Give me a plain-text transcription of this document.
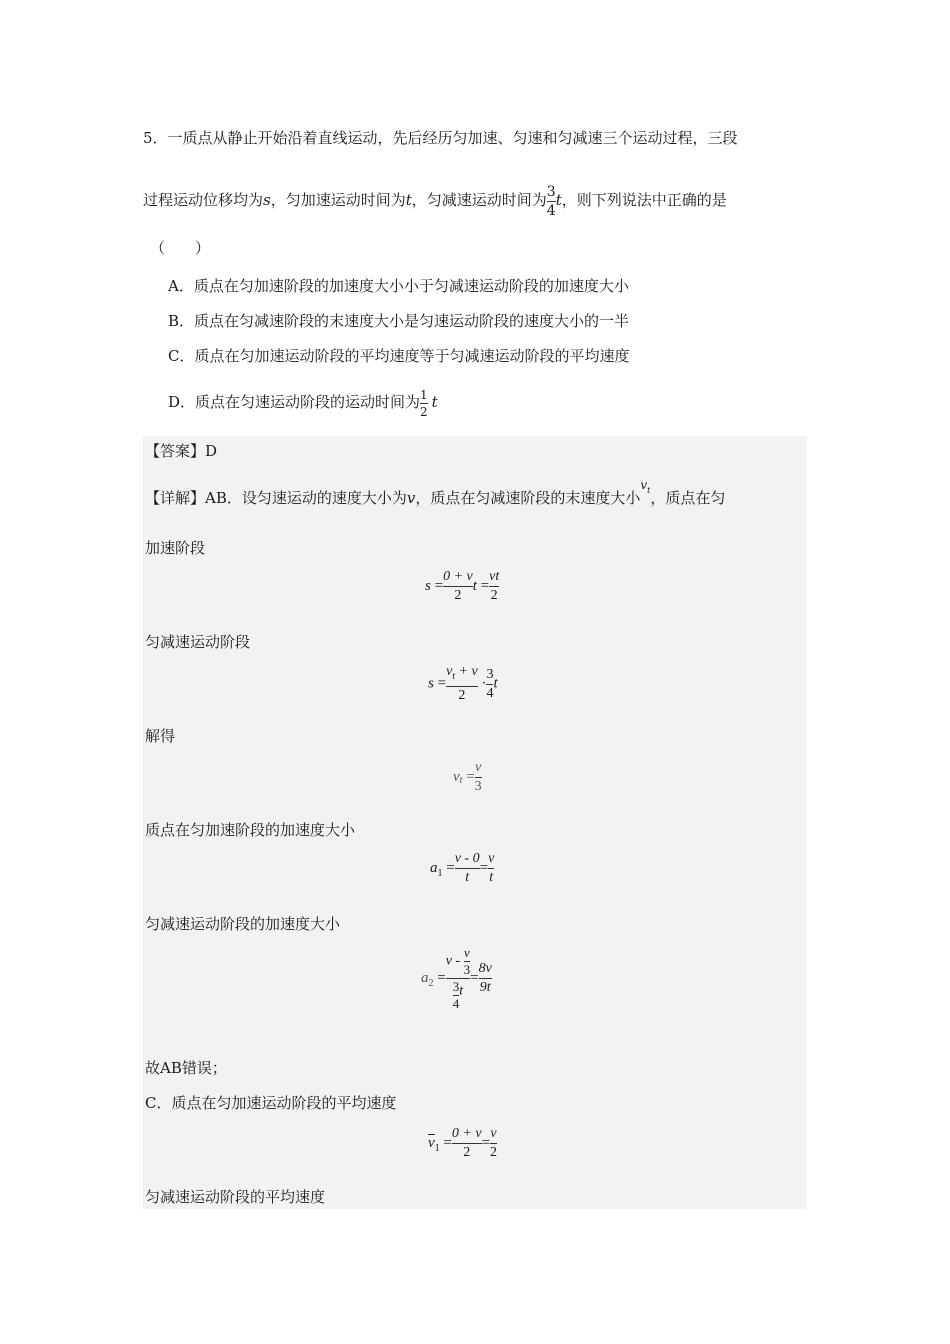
5．一质点从静止开始沿着直线运动，先后经历匀加速、匀速和匀减速三个运动过程，三段
过程运动位移均为s，匀加速运动时间为t，匀减速运动时间为 $\frac{3}{4}$ t，则下列说法中正确的是
（　　）
A．质点在匀加速阶段的加速度大小小于匀减速运动阶段的加速度大小
B．质点在匀减速阶段的末速度大小是匀速运动阶段的速度大小的一半
C．质点在匀加速运动阶段的平均速度等于匀减速运动阶段的平均速度
D．质点在匀速运动阶段的运动时间为 $\frac{1}{2}$ t
【答案】D
【详解】AB．设匀速运动的速度大小为v，质点在匀减速阶段的末速度大小$v_t$，质点在匀
加速阶段
$s = \frac{0 + v}{2}$ $t = \frac{vt}{2}$
匀减速运动阶段
$s = \frac{v_t + v}{2} \cdot \frac{3}{4}$ t
解得
$v_t = \frac{v}{3}$
质点在匀加速阶段的加速度大小
$a_1 = \frac{v - 0}{t} = \frac{v}{t}$
匀减速运动阶段的加速度大小
$a_2 = \frac{v - \frac{v}{3}}{\frac{3}{4} t} = \frac{8v}{9t}$
故AB错误；
C．质点在匀加速运动阶段的平均速度
$\overline{v}_1 = \frac{0 + v}{2} = \frac{v}{2}$
匀减速运动阶段的平均速度
